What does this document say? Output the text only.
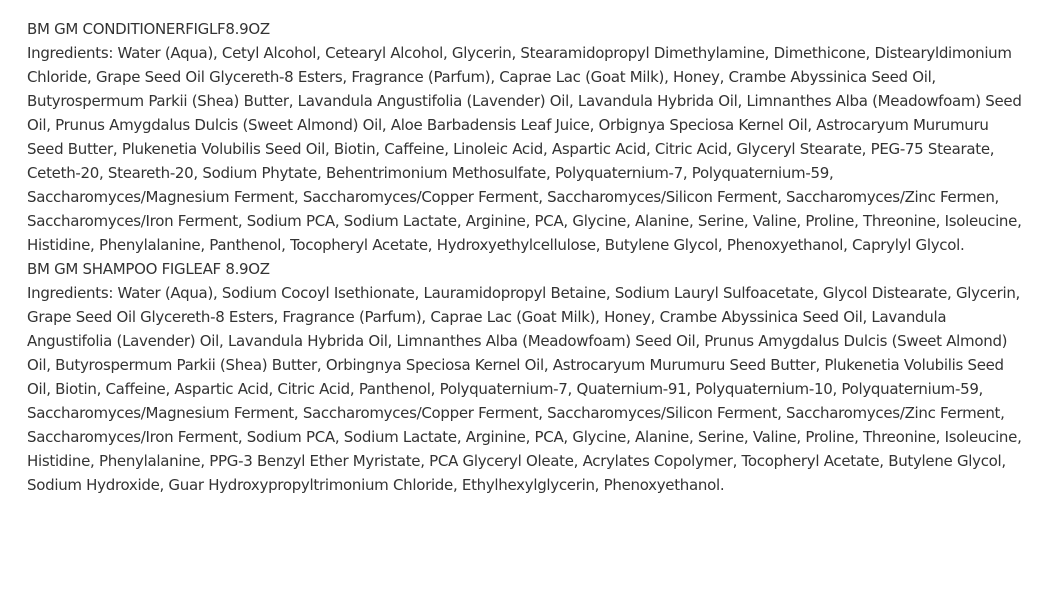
BM GM CONDITIONERFIGLF8.9OZ

Ingredients: Water (Aqua), Cetyl Alcohol, Cetearyl Alcohol, Glycerin, Stearamidopropyl Dimethylamine, Dimethicone, Distearyldimonium Chloride, Grape Seed Oil Glycereth-8 Esters, Fragrance (Parfum), Caprae Lac (Goat Milk), Honey, Crambe Abyssinica Seed Oil, Butyrospermum Parkii (Shea) Butter, Lavandula Angustifolia (Lavender) Oil, Lavandula Hybrida Oil, Limnanthes Alba (Meadowfoam) Seed Oil, Prunus Amygdalus Dulcis (Sweet Almond) Oil, Aloe Barbadensis Leaf Juice, Orbignya Speciosa Kernel Oil, Astrocaryum Murumuru Seed Butter, Plukenetia Volubilis Seed Oil, Biotin, Caffeine, Linoleic Acid, Aspartic Acid, Citric Acid, Glyceryl Stearate, PEG-75 Stearate, Ceteth-20, Steareth-20, Sodium Phytate, Behentrimonium Methosulfate, Polyquaternium-7, Polyquaternium-59, Saccharomyces/Magnesium Ferment, Saccharomyces/Copper Ferment, Saccharomyces/Silicon Ferment, Saccharomyces/Zinc Fermen, Saccharomyces/Iron Ferment, Sodium PCA, Sodium Lactate, Arginine, PCA, Glycine, Alanine, Serine, Valine, Proline, Threonine, Isoleucine, Histidine, Phenylalanine, Panthenol, Tocopheryl Acetate, Hydroxyethylcellulose, Butylene Glycol, Phenoxyethanol, Caprylyl Glycol.

BM GM SHAMPOO FIGLEAF 8.9OZ

Ingredients: Water (Aqua), Sodium Cocoyl Isethionate, Lauramidopropyl Betaine, Sodium Lauryl Sulfoacetate, Glycol Distearate, Glycerin, Grape Seed Oil Glycereth-8 Esters, Fragrance (Parfum), Caprae Lac (Goat Milk), Honey, Crambe Abyssinica Seed Oil, Lavandula Angustifolia (Lavender) Oil, Lavandula Hybrida Oil, Limnanthes Alba (Meadowfoam) Seed Oil, Prunus Amygdalus Dulcis (Sweet Almond) Oil, Butyrospermum Parkii (Shea) Butter, Orbingnya Speciosa Kernel Oil, Astrocaryum Murumuru Seed Butter, Plukenetia Volubilis Seed Oil, Biotin, Caffeine, Aspartic Acid, Citric Acid, Panthenol, Polyquaternium-7, Quaternium-91, Polyquaternium-10, Polyquaternium-59, Saccharomyces/Magnesium Ferment, Saccharomyces/Copper Ferment, Saccharomyces/Silicon Ferment, Saccharomyces/Zinc Ferment, Saccharomyces/Iron Ferment, Sodium PCA, Sodium Lactate, Arginine, PCA, Glycine, Alanine, Serine, Valine, Proline, Threonine, Isoleucine, Histidine, Phenylalanine, PPG-3 Benzyl Ether Myristate, PCA Glyceryl Oleate, Acrylates Copolymer, Tocopheryl Acetate, Butylene Glycol, Sodium Hydroxide, Guar Hydroxypropyltrimonium Chloride, Ethylhexylglycerin, Phenoxyethanol.
